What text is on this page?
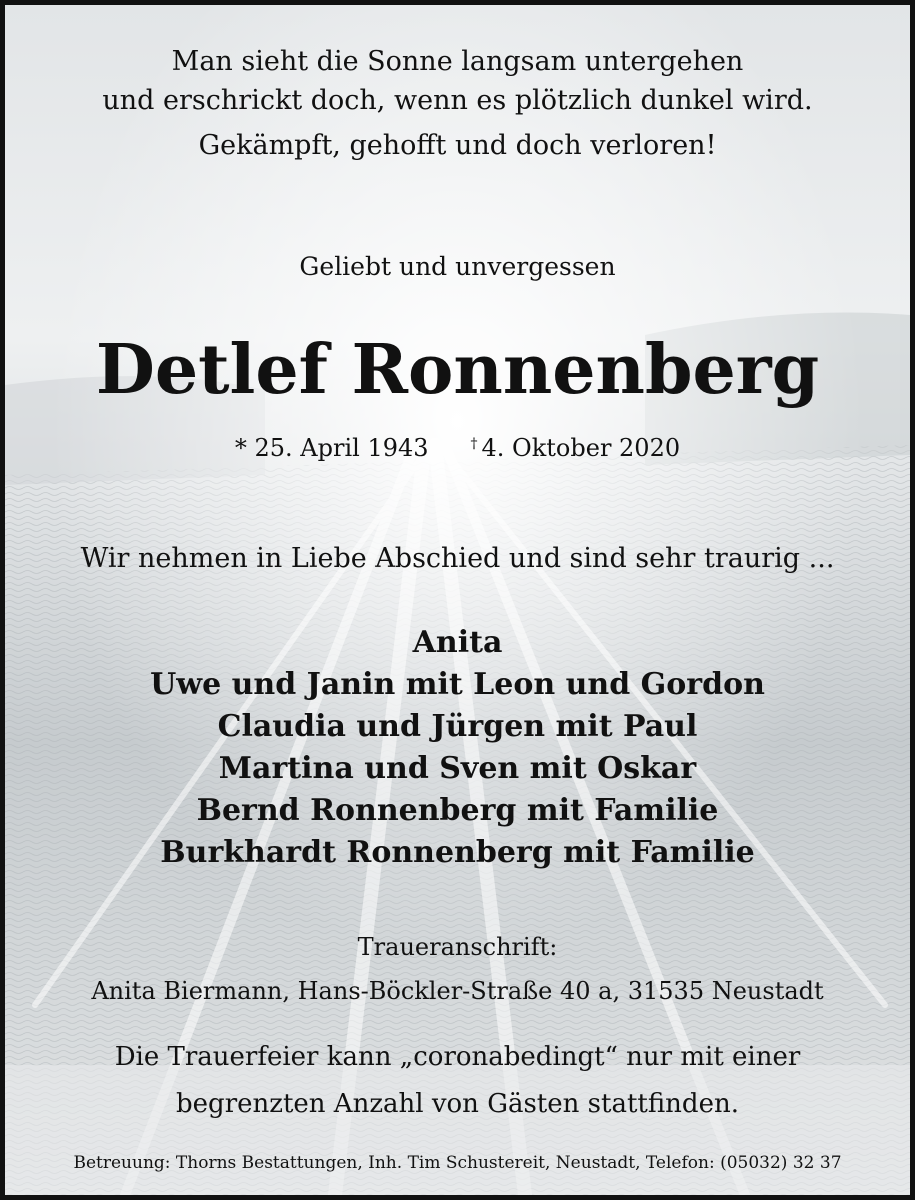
Man sieht die Sonne langsam untergehen
und erschrickt doch, wenn es plötzlich dunkel wird.
Gekämpft, gehofft und doch verloren!
Geliebt und unvergessen
Detlef Ronnenberg
* 25. April 1943	† 4. Oktober 2020
Wir nehmen in Liebe Abschied und sind sehr traurig ...
Anita
Uwe und Janin mit Leon und Gordon
Claudia und Jürgen mit Paul
Martina und Sven mit Oskar
Bernd Ronnenberg mit Familie
Burkhardt Ronnenberg mit Familie
Traueranschrift:
Anita Biermann, Hans-Böckler-Straße 40 a, 31535 Neustadt
Die Trauerfeier kann „coronabedingt“ nur mit einer
begrenzten Anzahl von Gästen stattfinden.
Betreuung: Thorns Bestattungen, Inh. Tim Schustereit, Neustadt, Telefon: (05032) 32 37
